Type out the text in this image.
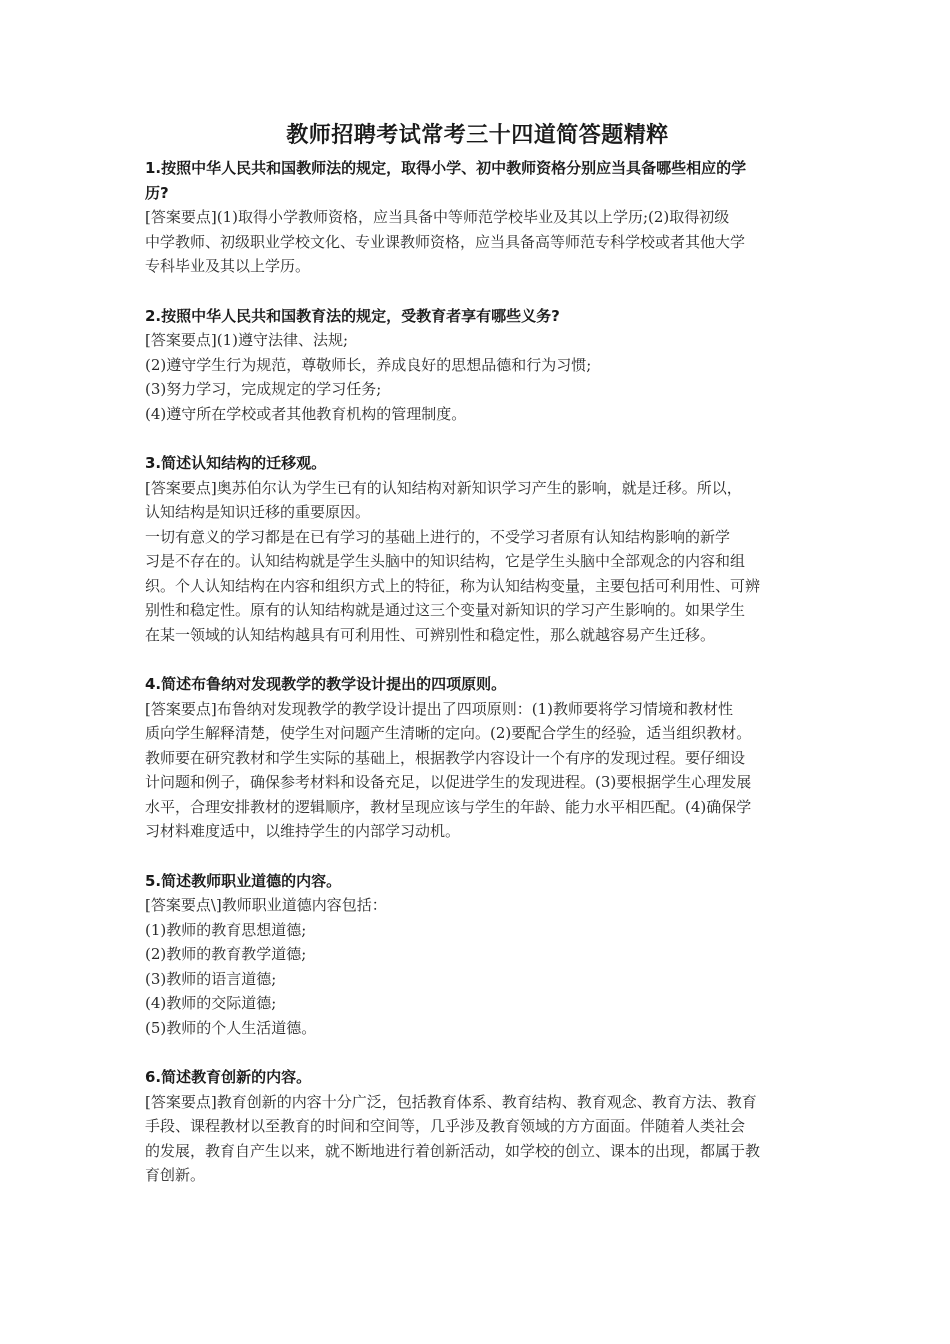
教师招聘考试常考三十四道简答题精粹

1.按照中华人民共和国教师法的规定，取得小学、初中教师资格分别应当具备哪些相应的学

历?

[答案要点](1)取得小学教师资格，应当具备中等师范学校毕业及其以上学历;(2)取得初级

中学教师、初级职业学校文化、专业课教师资格，应当具备高等师范专科学校或者其他大学

专科毕业及其以上学历。

2.按照中华人民共和国教育法的规定，受教育者享有哪些义务?

[答案要点](1)遵守法律、法规;

(2)遵守学生行为规范，尊敬师长，养成良好的思想品德和行为习惯;

(3)努力学习，完成规定的学习任务;

(4)遵守所在学校或者其他教育机构的管理制度。

3.简述认知结构的迁移观。

[答案要点]奥苏伯尔认为学生已有的认知结构对新知识学习产生的影响，就是迁移。所以，

认知结构是知识迁移的重要原因。

一切有意义的学习都是在已有学习的基础上进行的，不受学习者原有认知结构影响的新学

习是不存在的。认知结构就是学生头脑中的知识结构，它是学生头脑中全部观念的内容和组

织。个人认知结构在内容和组织方式上的特征，称为认知结构变量，主要包括可利用性、可辨

别性和稳定性。原有的认知结构就是通过这三个变量对新知识的学习产生影响的。如果学生

在某一领域的认知结构越具有可利用性、可辨别性和稳定性，那么就越容易产生迁移。

4.简述布鲁纳对发现教学的教学设计提出的四项原则。

[答案要点]布鲁纳对发现教学的教学设计提出了四项原则：(1)教师要将学习情境和教材性

质向学生解释清楚，使学生对问题产生清晰的定向。(2)要配合学生的经验，适当组织教材。

教师要在研究教材和学生实际的基础上，根据教学内容设计一个有序的发现过程。要仔细设

计问题和例子，确保参考材料和设备充足，以促进学生的发现进程。(3)要根据学生心理发展

水平，合理安排教材的逻辑顺序，教材呈现应该与学生的年龄、能力水平相匹配。(4)确保学

习材料难度适中，以维持学生的内部学习动机。

5.简述教师职业道德的内容。

[答案要点\]教师职业道德内容包括：

(1)教师的教育思想道德;

(2)教师的教育教学道德;

(3)教师的语言道德;

(4)教师的交际道德;

(5)教师的个人生活道德。

6.简述教育创新的内容。

[答案要点]教育创新的内容十分广泛，包括教育体系、教育结构、教育观念、教育方法、教育

手段、课程教材以至教育的时间和空间等，几乎涉及教育领域的方方面面。伴随着人类社会

的发展，教育自产生以来，就不断地进行着创新活动，如学校的创立、课本的出现，都属于教

育创新。
